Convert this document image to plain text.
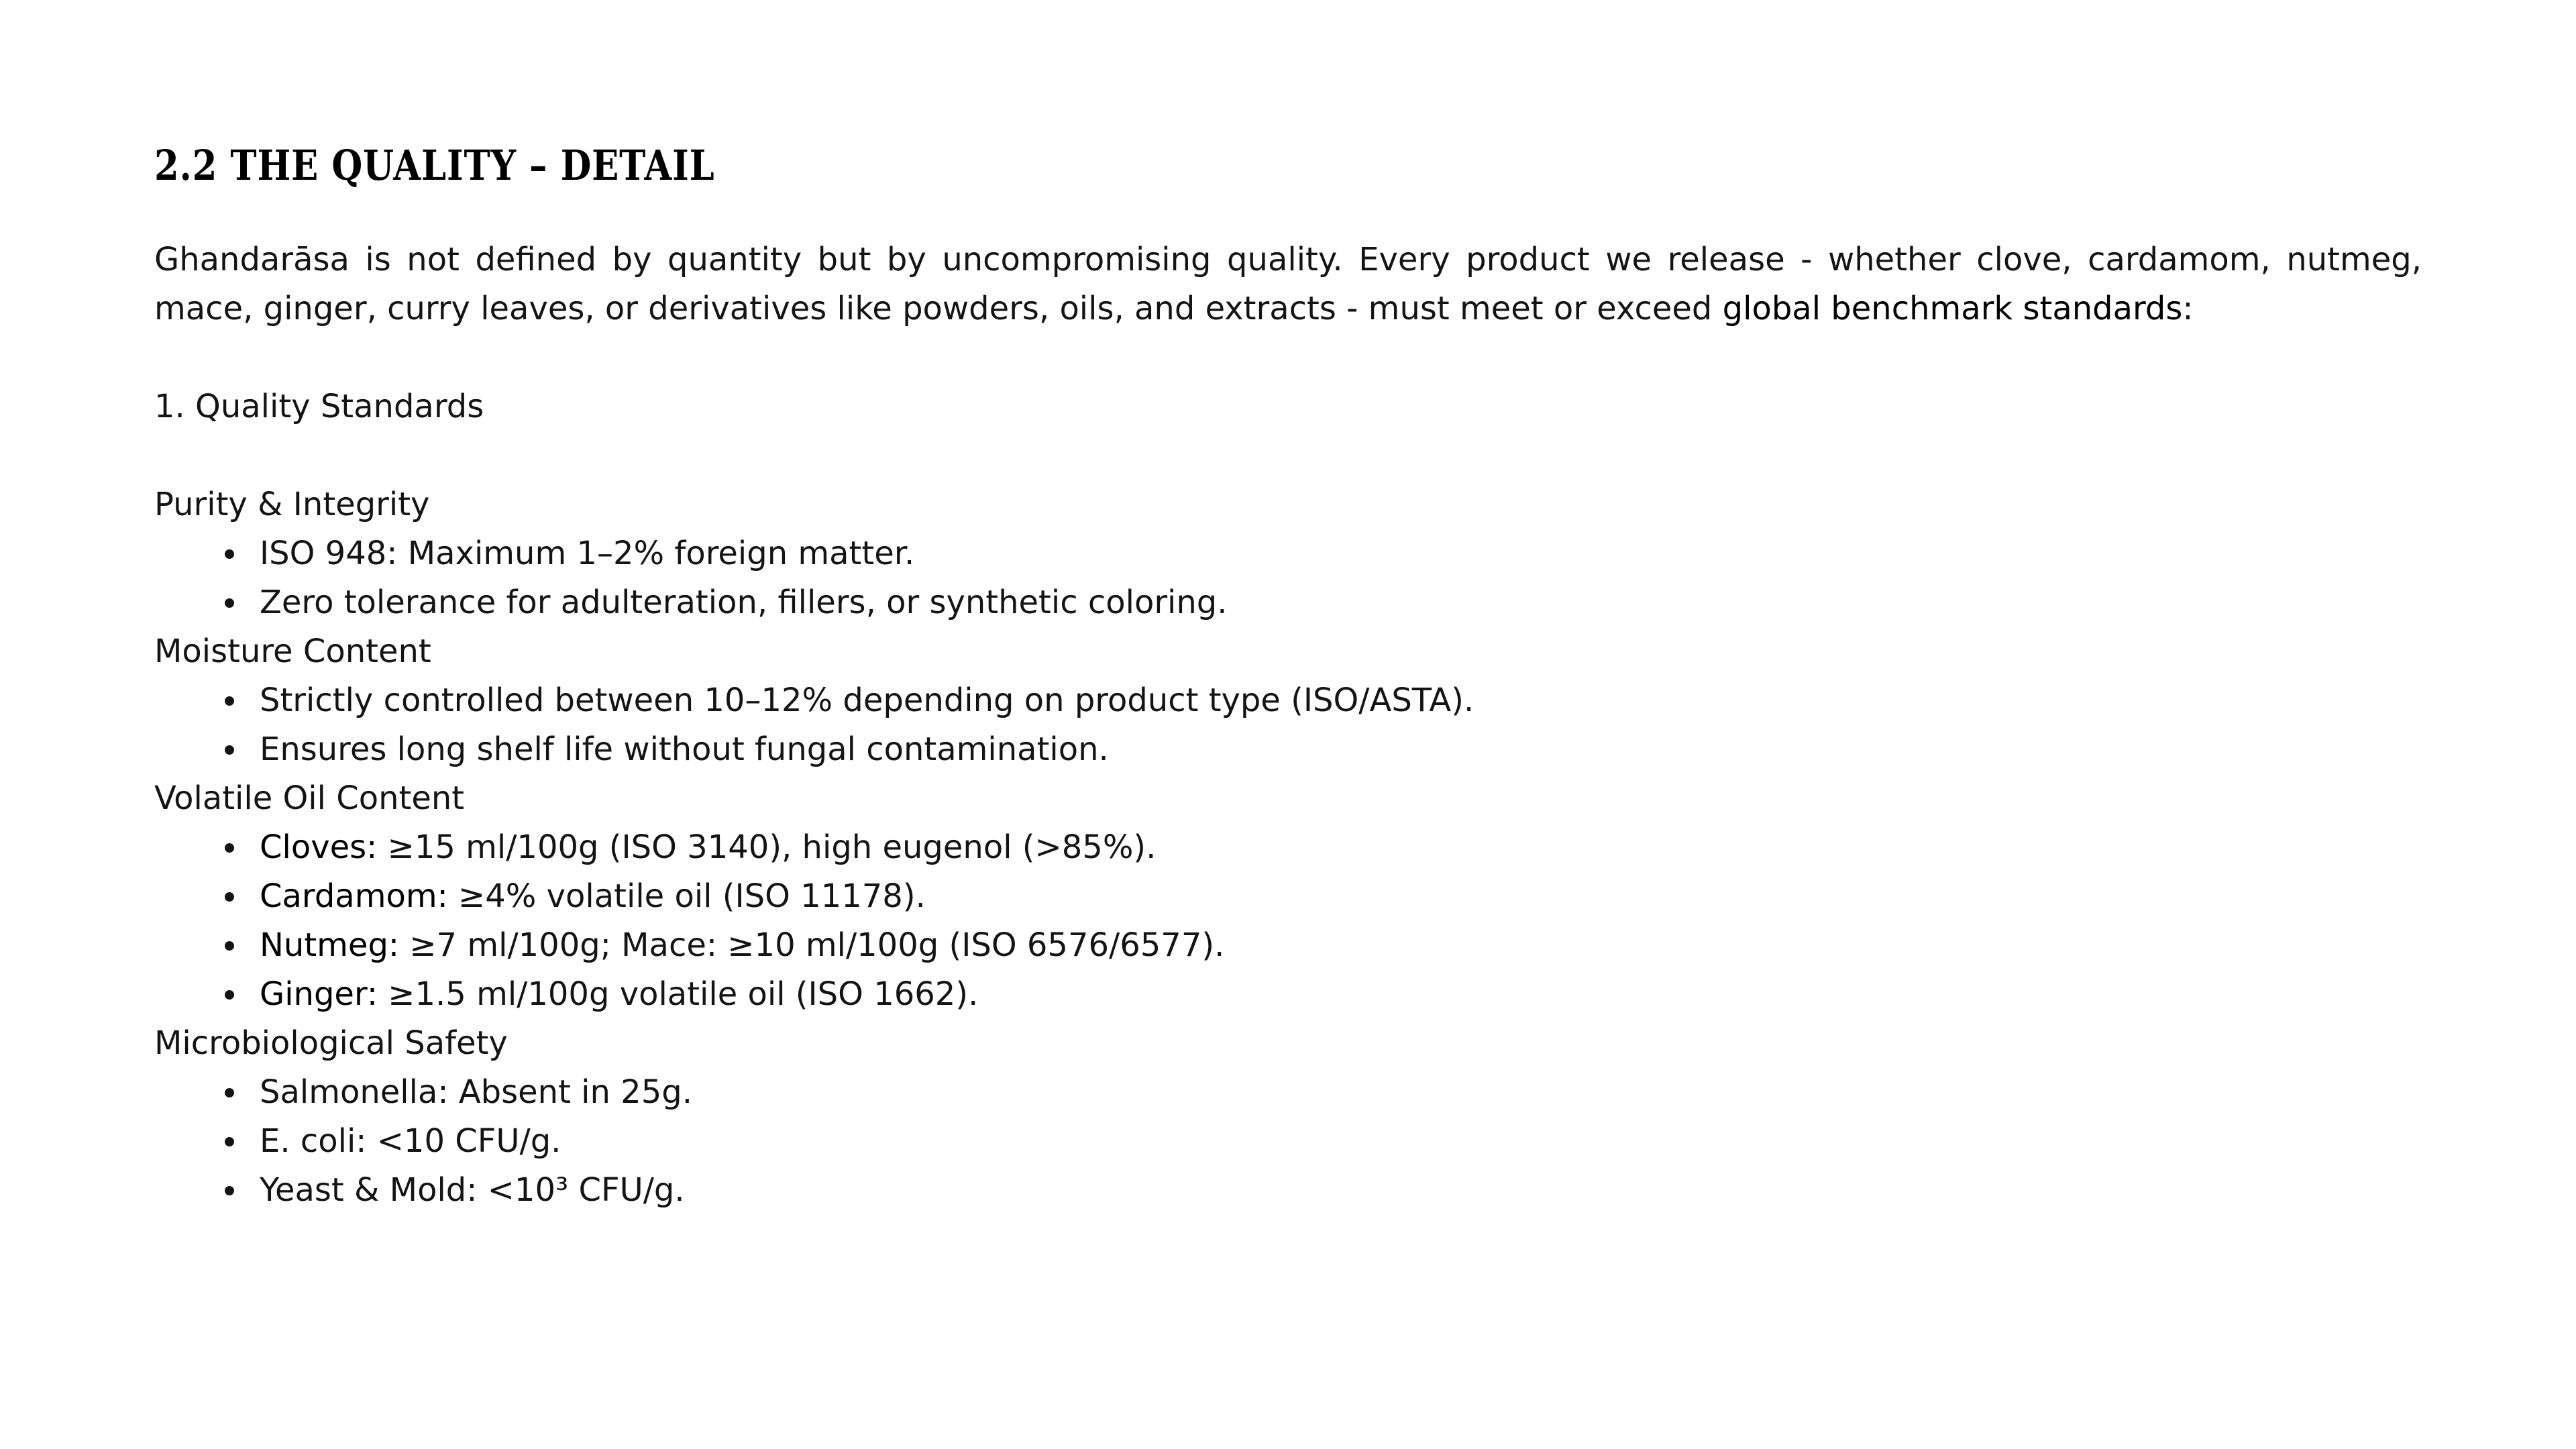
2.2 THE QUALITY – DETAIL

Ghandarāsa is not defined by quantity but by uncompromising quality. Every product we release - whether clove, cardamom, nutmeg, mace, ginger, curry leaves, or derivatives like powders, oils, and extracts - must meet or exceed global benchmark standards:

1. Quality Standards

Purity & Integrity

ISO 948: Maximum 1–2% foreign matter.
Zero tolerance for adulteration, fillers, or synthetic coloring.

Moisture Content

Strictly controlled between 10–12% depending on product type (ISO/ASTA).
Ensures long shelf life without fungal contamination.

Volatile Oil Content

Cloves: ≥15 ml/100g (ISO 3140), high eugenol (>85%).
Cardamom: ≥4% volatile oil (ISO 11178).
Nutmeg: ≥7 ml/100g; Mace: ≥10 ml/100g (ISO 6576/6577).
Ginger: ≥1.5 ml/100g volatile oil (ISO 1662).

Microbiological Safety

Salmonella: Absent in 25g.
E. coli: <10 CFU/g.
Yeast & Mold: <10³ CFU/g.
